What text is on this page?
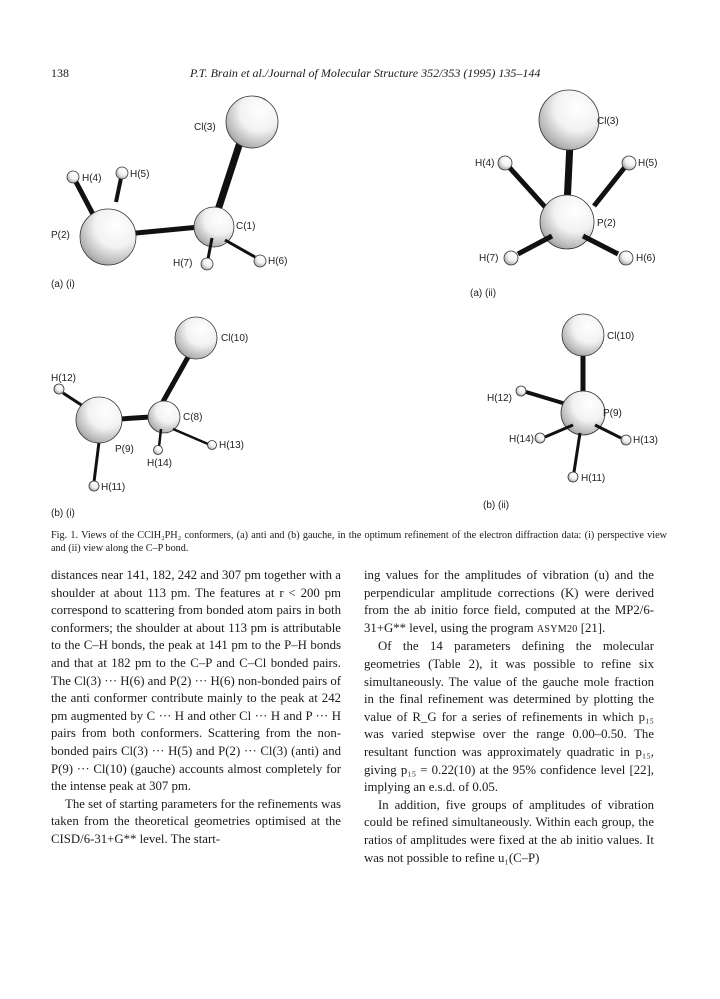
138	P.T. Brain et al./Journal of Molecular Structure 352/353 (1995) 135–144
Cl(3)
H(4)	H(5)
P(2)
C(1)
H(7)	H(6)
(a) (i)
Cl(3)
H(4)	H(5)
P(2)
H(7)	H(6)
(a) (ii)
Cl(10)
H(12)
C(8)
P(9)	H(13)
H(14)
H(11)
(b) (i)
Cl(10)
H(12)
P(9)
H(14)	H(13)
H(11)
(b) (ii)
Fig. 1. Views of the CClH₂PH₂ conformers, (a) anti and (b) gauche, in the optimum refinement of the electron diffraction data: (i) perspective view and (ii) view along the C–P bond.

distances near 141, 182, 242 and 307 pm together with a shoulder at about 113 pm. The features at r < 200 pm correspond to scattering from bonded atom pairs in both conformers; the shoulder at about 113 pm is attributable to the C–H bonds, the peak at 141 pm to the P–H bonds and that at 182 pm to the C–P and C–Cl bonded pairs. The Cl(3) ··· H(6) and P(2) ··· H(6) non-bonded pairs of the anti conformer contribute mainly to the peak at 242 pm augmented by C ··· H and other Cl ··· H and P ··· H pairs from both conformers. Scattering from the non-bonded pairs Cl(3) ··· H(5) and P(2) ··· Cl(3) (anti) and P(9) ··· Cl(10) (gauche) accounts almost completely for the intense peak at 307 pm.

The set of starting parameters for the refinements was taken from the theoretical geometries optimised at the CISD/6-31+G** level. The start-

ing values for the amplitudes of vibration (u) and the perpendicular amplitude corrections (K) were derived from the ab initio force field, computed at the MP2/6-31+G** level, using the program ASYM20 [21].

Of the 14 parameters defining the molecular geometries (Table 2), it was possible to refine six simultaneously. The value of the gauche mole fraction in the final refinement was determined by plotting the value of R_G for a series of refinements in which p₁₅ was varied stepwise over the range 0.00–0.50. The resultant function was approximately quadratic in p₁₅, giving p₁₅ = 0.22(10) at the 95% confidence level [22], implying an e.s.d. of 0.05.

In addition, five groups of amplitudes of vibration could be refined simultaneously. Within each group, the ratios of amplitudes were fixed at the ab initio values. It was not possible to refine u₁(C–P)
